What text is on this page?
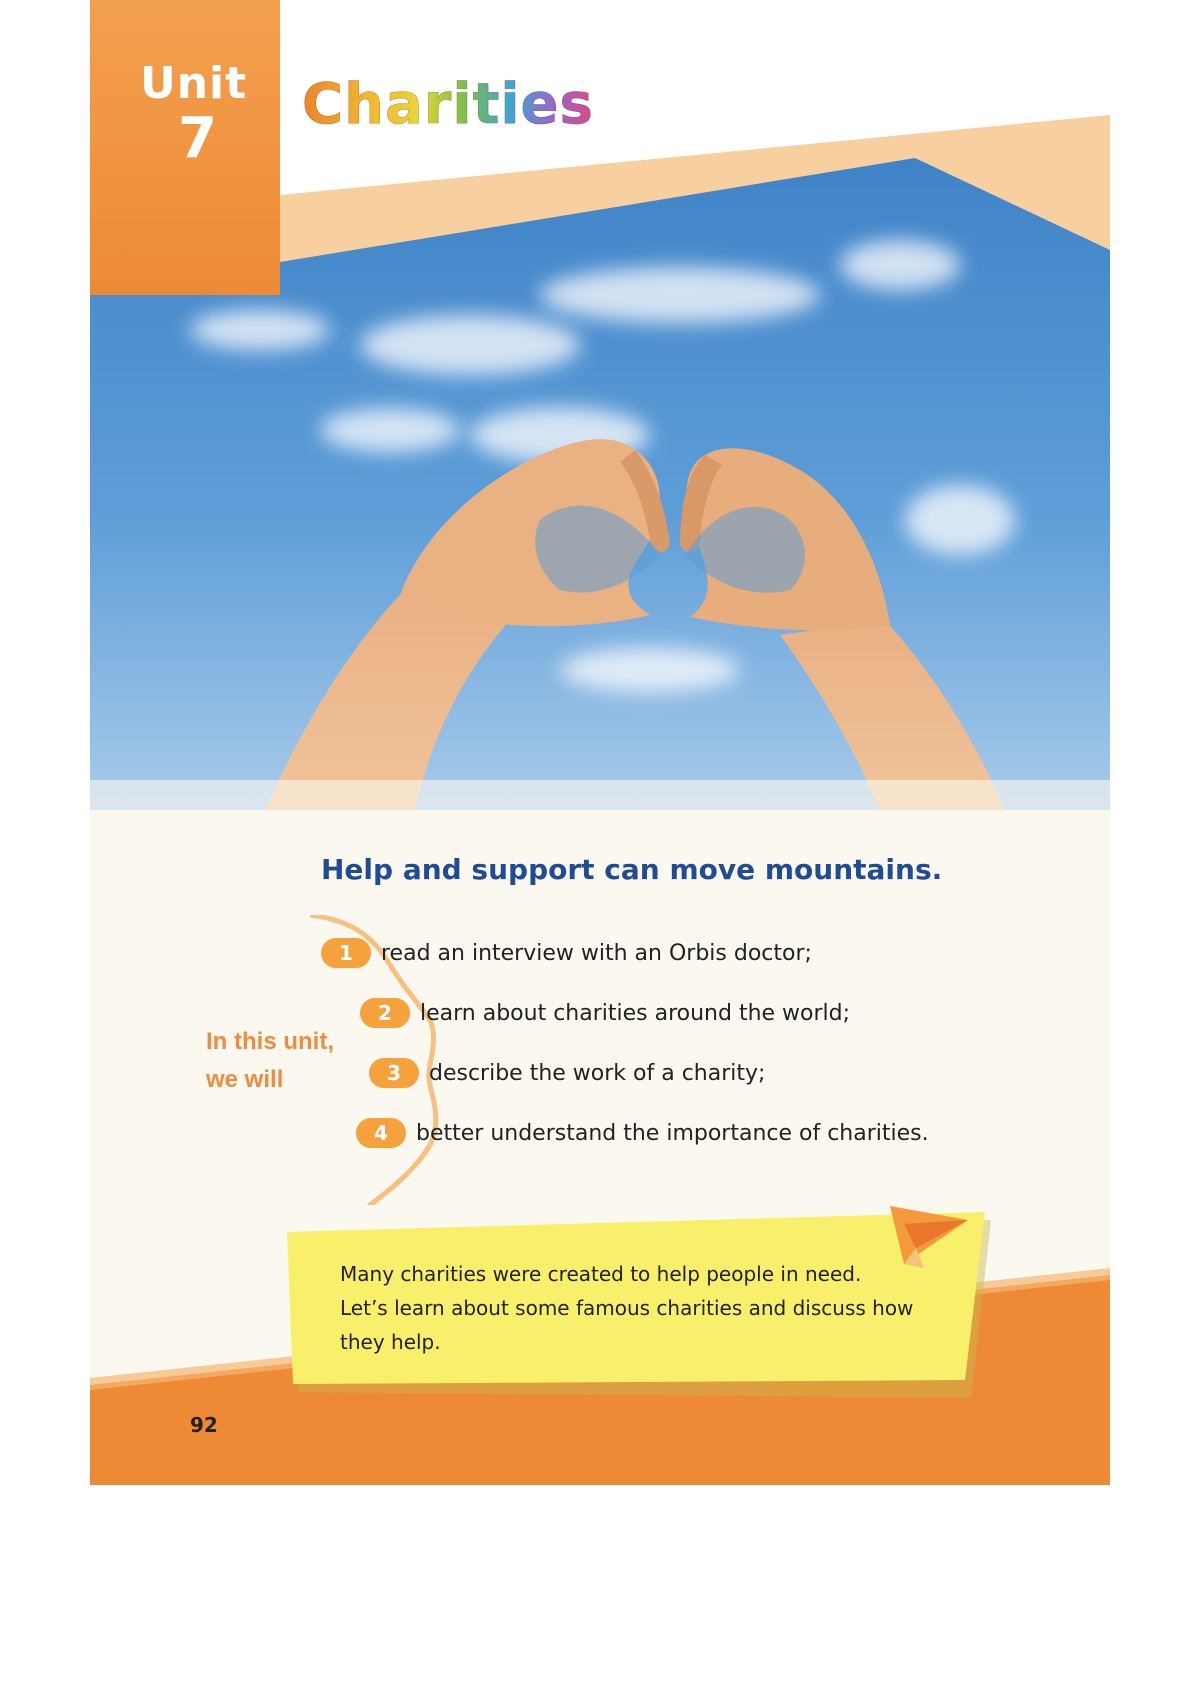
Unit
7
Charities
Help and support can move mountains.
In this unit,
we will
1	read an interview with an Orbis doctor;
2	learn about charities around the world;
3	describe the work of a charity;
4	better understand the importance of charities.
Many charities were created to help people in need. Let’s learn about some famous charities and discuss how they help.
92
